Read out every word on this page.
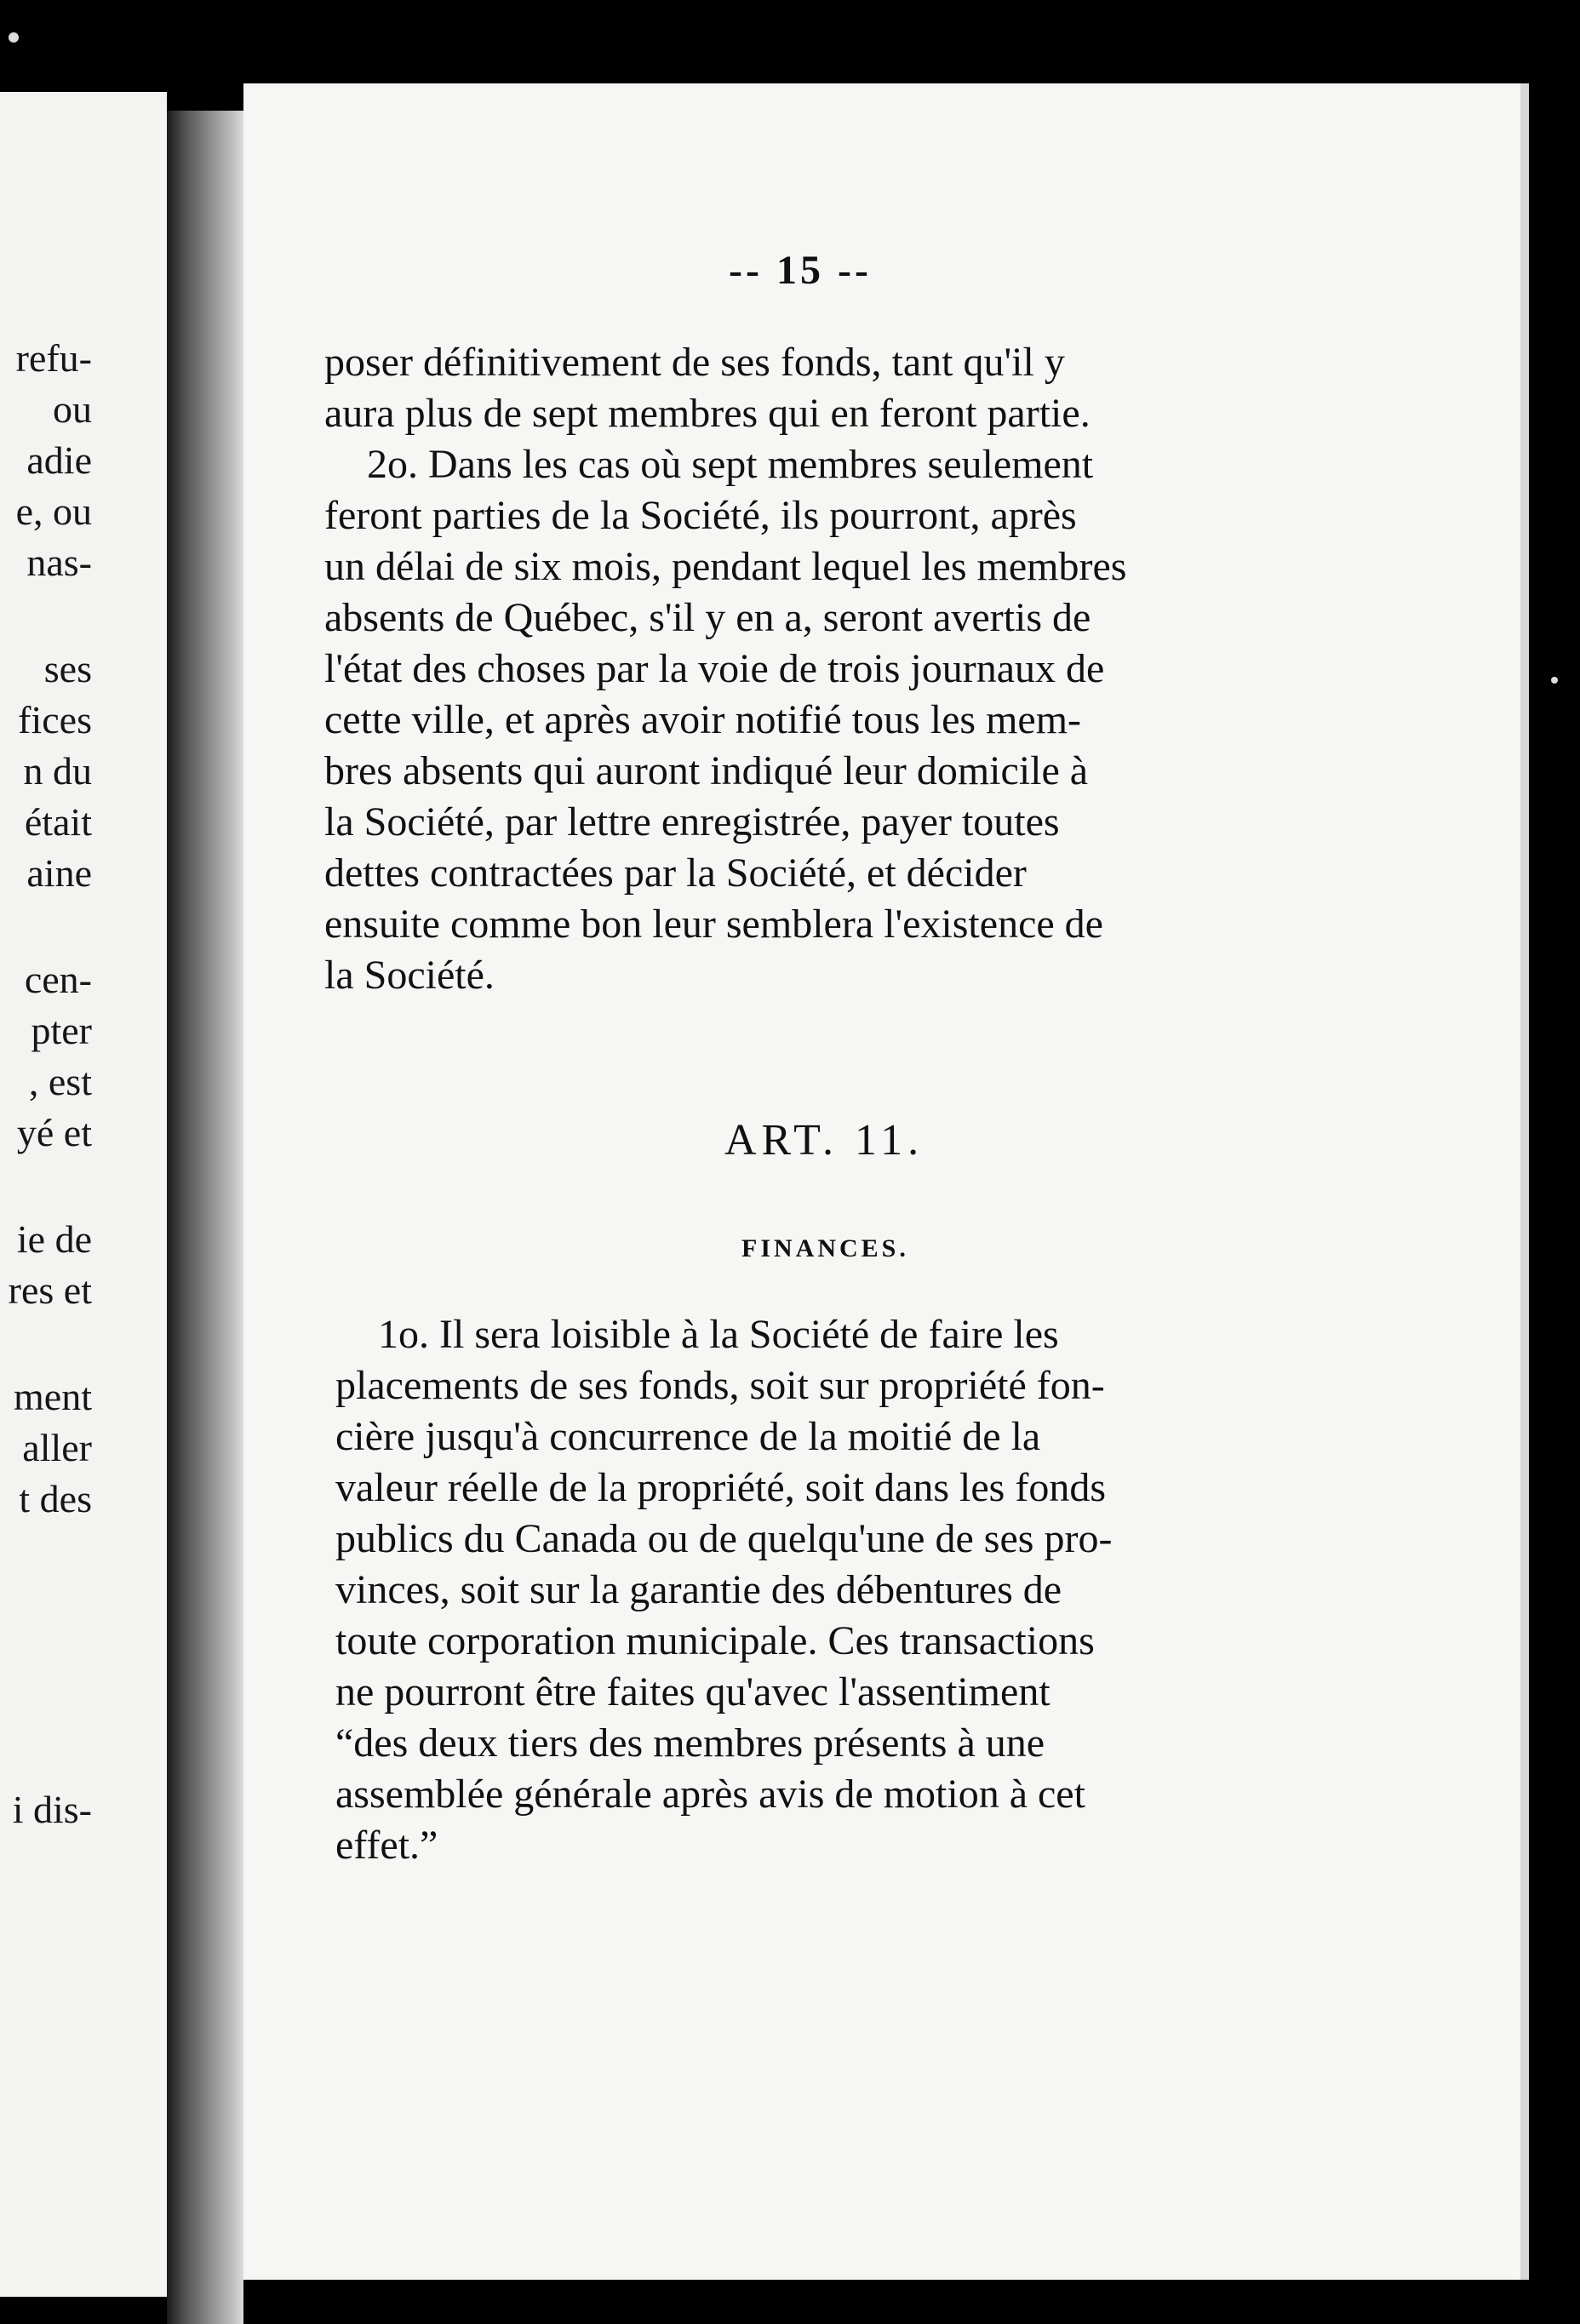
refu-
ou
adie
e, ou
nas-
ses
fices
n du
était
aine
cen-
pter
, est
yé et
ie de
res et
ment
aller
t des
i dis-
-- 15 --
poser définitivement de ses fonds, tant qu'il y
aura plus de sept membres qui en feront partie.
2o. Dans les cas où sept membres seulement
feront parties de la Société, ils pourront, après
un délai de six mois, pendant lequel les membres
absents de Québec, s'il y en a, seront avertis de
l'état des choses par la voie de trois journaux de
cette ville, et après avoir notifié tous les mem-
bres absents qui auront indiqué leur domicile à
la Société, par lettre enregistrée, payer toutes
dettes contractées par la Société, et décider
ensuite comme bon leur semblera l'existence de
la Société.
ART. 11.
FINANCES.
1o. Il sera loisible à la Société de faire les
placements de ses fonds, soit sur propriété fon-
cière jusqu'à concurrence de la moitié de la
valeur réelle de la propriété, soit dans les fonds
publics du Canada ou de quelqu'une de ses pro-
vinces, soit sur la garantie des débentures de
toute corporation municipale. Ces transactions
ne pourront être faites qu'avec l'assentiment
“des deux tiers des membres présents à une
assemblée générale après avis de motion à cet
effet.”
